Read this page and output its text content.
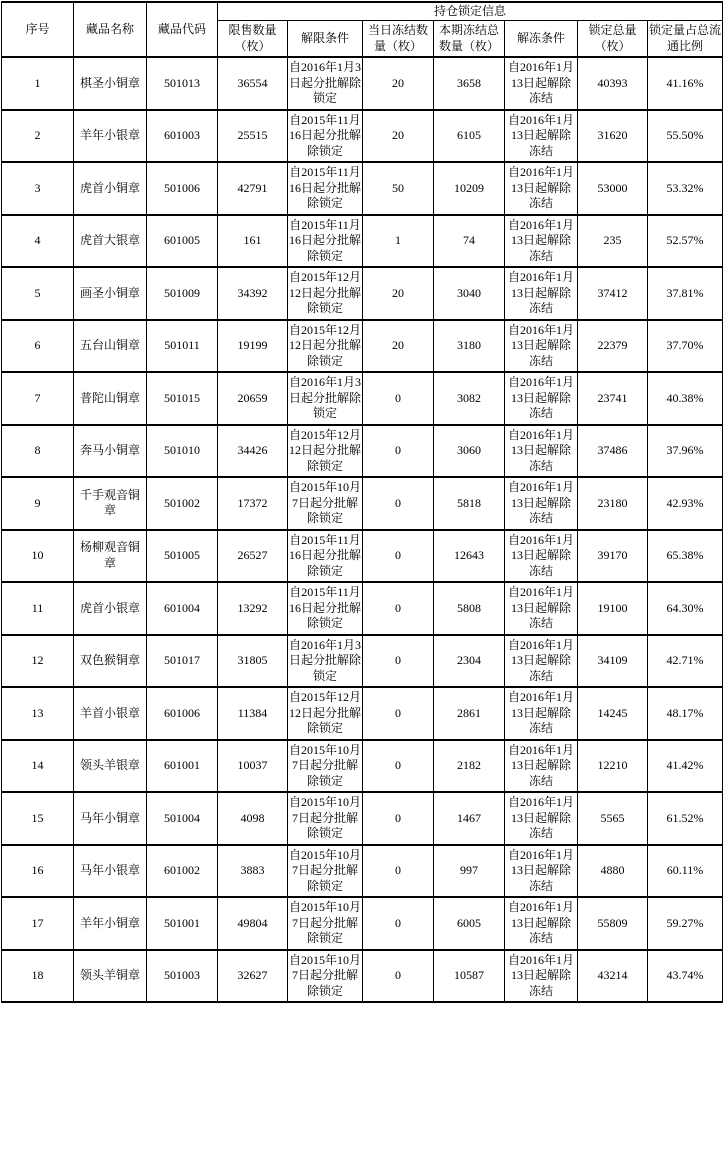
序号	藏品名称	藏品代码	持仓锁定信息						
			限售数量（枚）	解限条件	当日冻结数量（枚）	本期冻结总数量（枚）	解冻条件	锁定总量（枚）	锁定量占总流通比例
1	棋圣小铜章	501013	36554	自2016年1月3日起分批解除锁定	20	3658	自2016年1月13日起解除冻结	40393	41.16%
2	羊年小银章	601003	25515	自2015年11月16日起分批解除锁定	20	6105	自2016年1月13日起解除冻结	31620	55.50%
3	虎首小铜章	501006	42791	自2015年11月16日起分批解除锁定	50	10209	自2016年1月13日起解除冻结	53000	53.32%
4	虎首大银章	601005	161	自2015年11月16日起分批解除锁定	1	74	自2016年1月13日起解除冻结	235	52.57%
5	画圣小铜章	501009	34392	自2015年12月12日起分批解除锁定	20	3040	自2016年1月13日起解除冻结	37412	37.81%
6	五台山铜章	501011	19199	自2015年12月12日起分批解除锁定	20	3180	自2016年1月13日起解除冻结	22379	37.70%
7	普陀山铜章	501015	20659	自2016年1月3日起分批解除锁定	0	3082	自2016年1月13日起解除冻结	23741	40.38%
8	奔马小铜章	501010	34426	自2015年12月12日起分批解除锁定	0	3060	自2016年1月13日起解除冻结	37486	37.96%
9	千手观音铜章	501002	17372	自2015年10月7日起分批解除锁定	0	5818	自2016年1月13日起解除冻结	23180	42.93%
10	杨柳观音铜章	501005	26527	自2015年11月16日起分批解除锁定	0	12643	自2016年1月13日起解除冻结	39170	65.38%
11	虎首小银章	601004	13292	自2015年11月16日起分批解除锁定	0	5808	自2016年1月13日起解除冻结	19100	64.30%
12	双色猴铜章	501017	31805	自2016年1月3日起分批解除锁定	0	2304	自2016年1月13日起解除冻结	34109	42.71%
13	羊首小银章	601006	11384	自2015年12月12日起分批解除锁定	0	2861	自2016年1月13日起解除冻结	14245	48.17%
14	领头羊银章	601001	10037	自2015年10月7日起分批解除锁定	0	2182	自2016年1月13日起解除冻结	12210	41.42%
15	马年小铜章	501004	4098	自2015年10月7日起分批解除锁定	0	1467	自2016年1月13日起解除冻结	5565	61.52%
16	马年小银章	601002	3883	自2015年10月7日起分批解除锁定	0	997	自2016年1月13日起解除冻结	4880	60.11%
17	羊年小铜章	501001	49804	自2015年10月7日起分批解除锁定	0	6005	自2016年1月13日起解除冻结	55809	59.27%
18	领头羊铜章	501003	32627	自2015年10月7日起分批解除锁定	0	10587	自2016年1月13日起解除冻结	43214	43.74%
